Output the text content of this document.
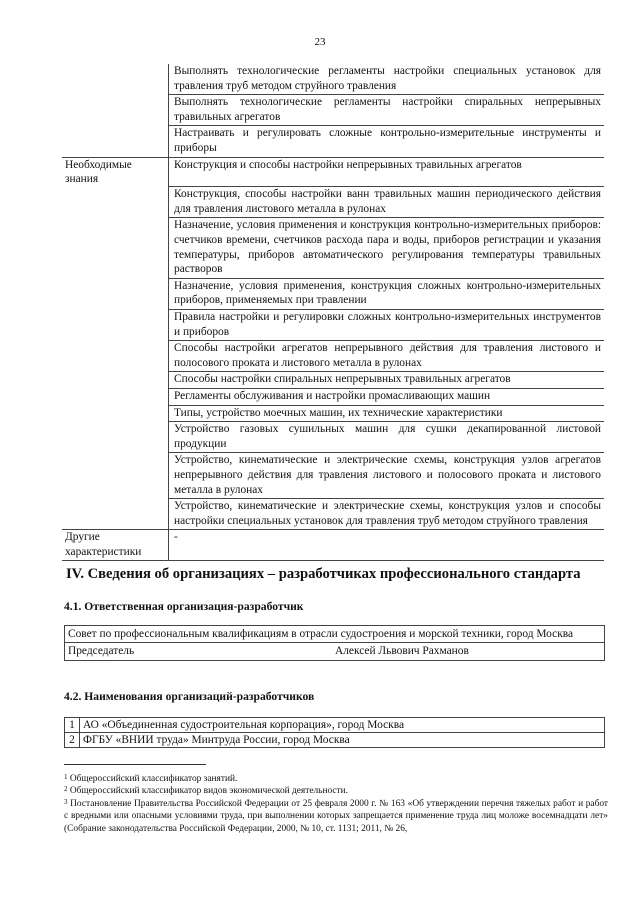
23
	Выполнять технологические регламенты настройки специальных установок для травления труб методом струйного травления
	Выполнять технологические регламенты настройки спиральных непрерывных травильных агрегатов
	Настраивать и регулировать сложные контрольно-измерительные инструменты и приборы
Необходимые знания	Конструкция и способы настройки непрерывных травильных агрегатов
	Конструкция, способы настройки ванн травильных машин периодического действия для травления листового металла в рулонах
	Назначение, условия применения и конструкция контрольно-измерительных приборов: счетчиков времени, счетчиков расхода пара и воды, приборов регистрации и указания температуры, приборов автоматического регулирования температуры травильных растворов
	Назначение, условия применения, конструкция сложных контрольно-измерительных приборов, применяемых при травлении
	Правила настройки и регулировки сложных контрольно-измерительных инструментов и приборов
	Способы настройки агрегатов непрерывного действия для травления листового и полосового проката и листового металла в рулонах
	Способы настройки спиральных непрерывных травильных агрегатов
	Регламенты обслуживания и настройки промасливающих машин
	Типы, устройство моечных машин, их технические характеристики
	Устройство газовых сушильных машин для сушки декапированной листовой продукции
	Устройство, кинематические и электрические схемы, конструкция узлов агрегатов непрерывного действия для травления листового и полосового проката и листового металла в рулонах
	Устройство, кинематические и электрические схемы, конструкция узлов и способы настройки специальных установок для травления труб методом струйного травления
Другие характеристики	-
IV. Сведения об организациях – разработчиках профессионального стандарта
4.1. Ответственная организация-разработчик
Совет по профессиональным квалификациям в отрасли судостроения и морской техники, город Москва
Председатель	Алексей Львович Рахманов
4.2. Наименования организаций-разработчиков
1	АО «Объединенная судостроительная корпорация», город Москва
2	ФГБУ «ВНИИ труда» Минтруда России, город Москва

$^1$ Общероссийский классификатор занятий.

$^2$ Общероссийский классификатор видов экономической деятельности.

$^3$ Постановление Правительства Российской Федерации от 25 февраля 2000 г. № 163 «Об утверждении перечня тяжелых работ и работ с вредными или опасными условиями труда, при выполнении которых запрещается применение труда лиц моложе восемнадцати лет» (Собрание законодательства Российской Федерации, 2000, № 10, ст. 1131; 2011, № 26,
